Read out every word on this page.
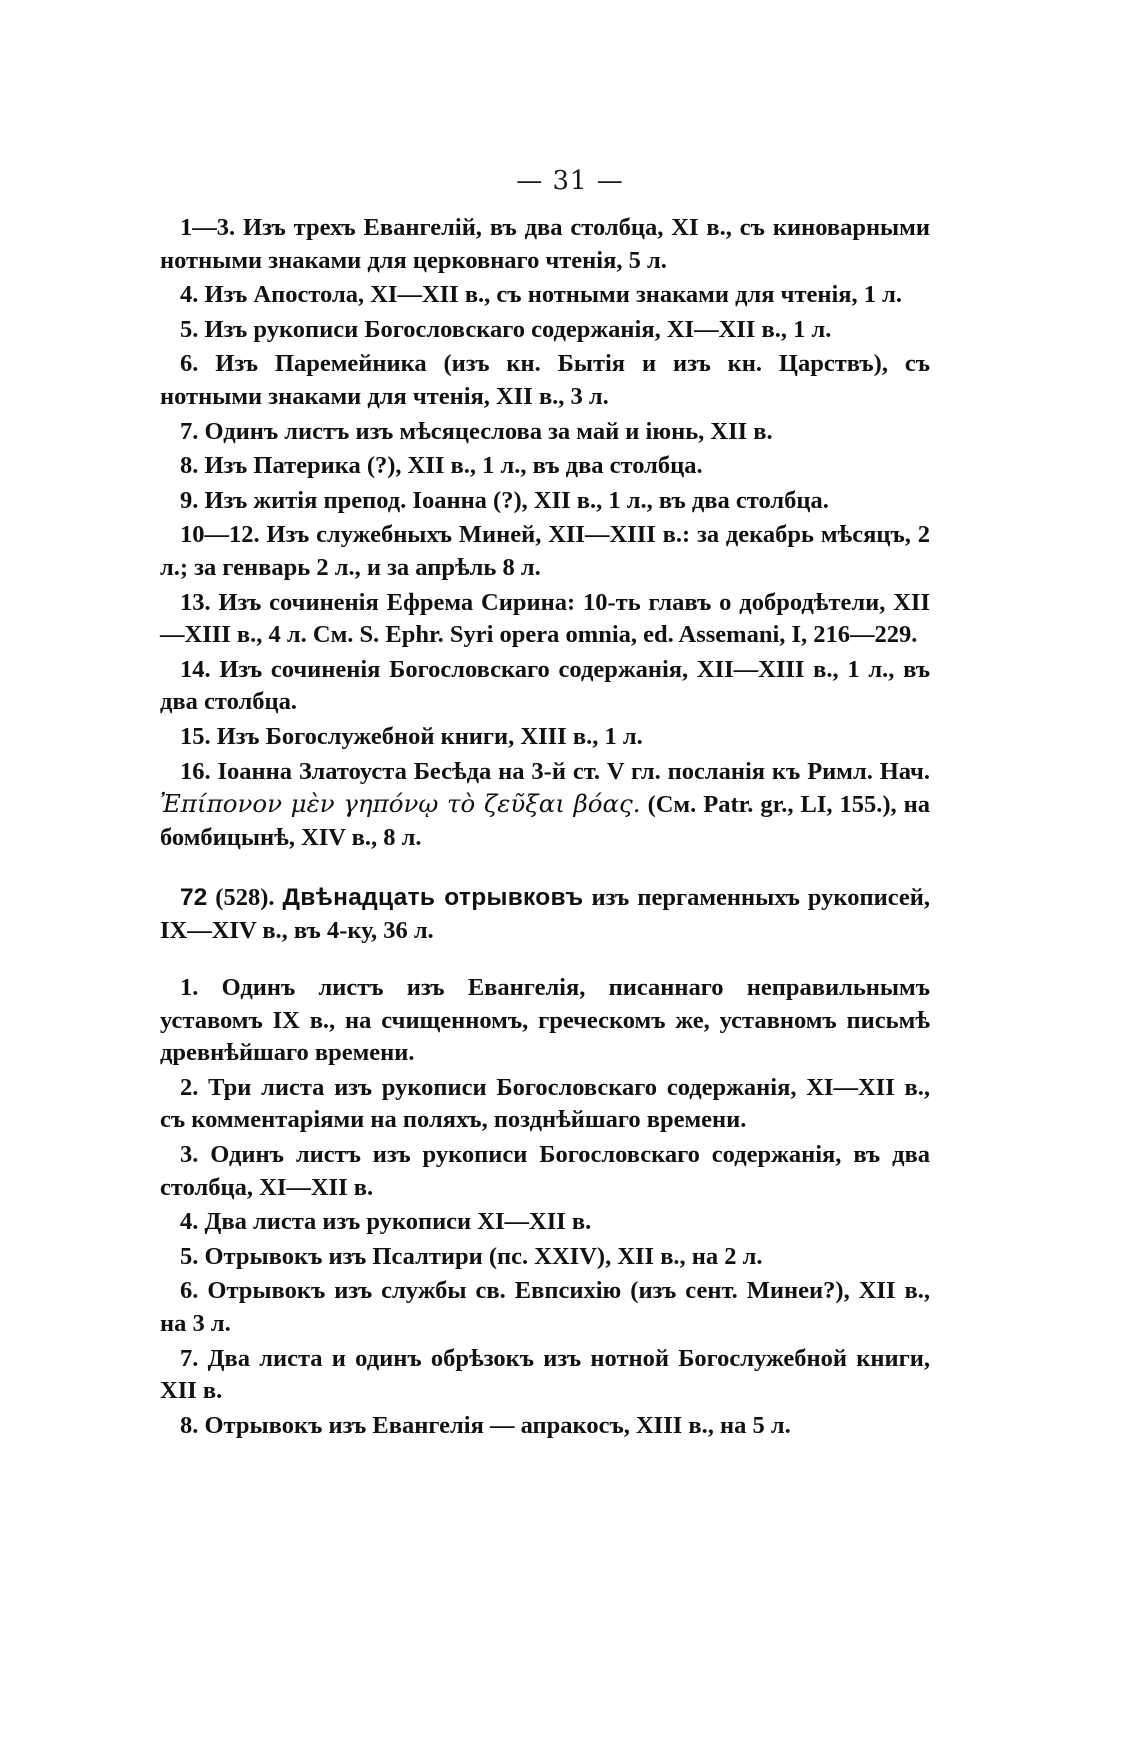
— 31 —

1—3. Изъ трехъ Евангелій, въ два столбца, XI в., съ киноварными нотными знаками для церковнаго чтенія, 5 л.

4. Изъ Апостола, XI—XII в., съ нотными знаками для чтенія, 1 л.

5. Изъ рукописи Богословскаго содержанія, XI—XII в., 1 л.

6. Изъ Паремейника (изъ кн. Бытія и изъ кн. Царствъ), съ нотными знаками для чтенія, XII в., 3 л.

7. Одинъ листъ изъ мѣсяцеслова за май и іюнь, XII в.

8. Изъ Патерика (?), XII в., 1 л., въ два столбца.

9. Изъ житія препод. Іоанна (?), XII в., 1 л., въ два столбца.

10—12. Изъ служебныхъ Миней, XII—XIII в.: за декабрь мѣсяцъ, 2 л.; за генварь 2 л., и за апрѣль 8 л.

13. Изъ сочиненія Ефрема Сирина: 10-ть главъ о добродѣтели, XII—XIII в., 4 л. См. S. Ephr. Syri opera omnia, ed. Assemani, I, 216—229.

14. Изъ сочиненія Богословскаго содержанія, XII—XIII в., 1 л., въ два столбца.

15. Изъ Богослужебной книги, XIII в., 1 л.

16. Іоанна Златоуста Бесѣда на 3-й ст. V гл. посланія къ Римл. Нач. Ἐπίπονον μὲν γηπόνῳ τὸ ζεῦξαι βόας. (См. Patr. gr., LI, 155.), на бомбицынѣ, XIV в., 8 л.

72 (528). Двѣнадцать отрывковъ изъ пергаменныхъ рукописей, IX—XIV в., въ 4-ку, 36 л.

1. Одинъ листъ изъ Евангелія, писаннаго неправильнымъ уставомъ IX в., на счищенномъ, греческомъ же, уставномъ письмѣ древнѣйшаго времени.

2. Три листа изъ рукописи Богословскаго содержанія, XI—XII в., съ комментаріями на поляхъ, позднѣйшаго времени.

3. Одинъ листъ изъ рукописи Богословскаго содержанія, въ два столбца, XI—XII в.

4. Два листа изъ рукописи XI—XII в.

5. Отрывокъ изъ Псалтири (пс. XXIV), XII в., на 2 л.

6. Отрывокъ изъ службы св. Евпсихію (изъ сент. Минеи?), XII в., на 3 л.

7. Два листа и одинъ обрѣзокъ изъ нотной Богослужебной книги, XII в.

8. Отрывокъ изъ Евангелія — апракосъ, XIII в., на 5 л.
